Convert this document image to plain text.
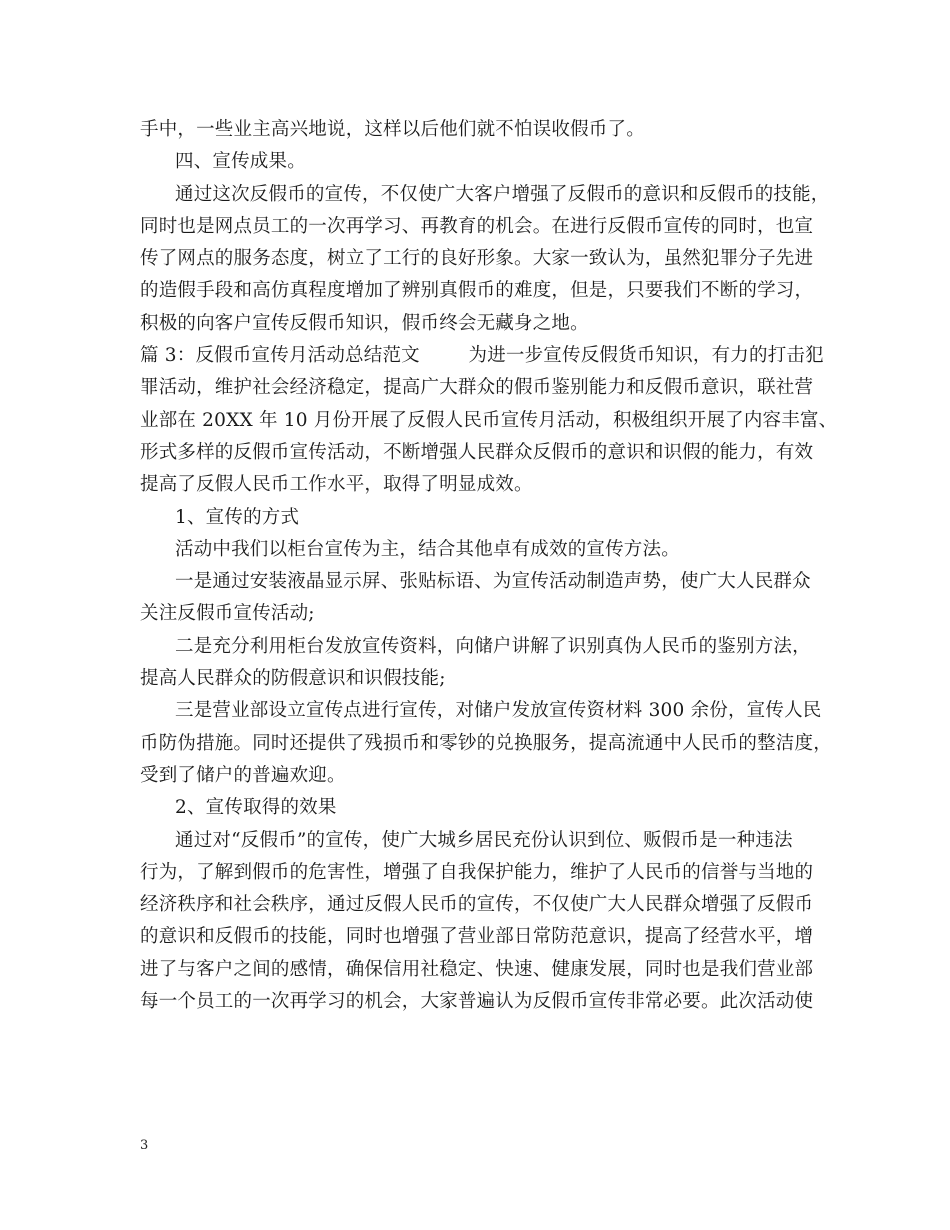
手中，一些业主高兴地说，这样以后他们就不怕误收假币了。
四、宣传成果。
通过这次反假币的宣传，不仅使广大客户增强了反假币的意识和反假币的技能，
同时也是网点员工的一次再学习、再教育的机会。在进行反假币宣传的同时，也宣
传了网点的服务态度，树立了工行的良好形象。大家一致认为，虽然犯罪分子先进
的造假手段和高仿真程度增加了辨别真假币的难度，但是，只要我们不断的学习，
积极的向客户宣传反假币知识，假币终会无藏身之地。
篇 3：反假币宣传月活动总结范文        为进一步宣传反假货币知识，有力的打击犯
罪活动，维护社会经济稳定，提高广大群众的假币鉴别能力和反假币意识，联社营
业部在 20XX 年 10 月份开展了反假人民币宣传月活动，积极组织开展了内容丰富、
形式多样的反假币宣传活动，不断增强人民群众反假币的意识和识假的能力，有效
提高了反假人民币工作水平，取得了明显成效。
1、宣传的方式
活动中我们以柜台宣传为主，结合其他卓有成效的宣传方法。
一是通过安装液晶显示屏、张贴标语、为宣传活动制造声势，使广大人民群众
关注反假币宣传活动;
二是充分利用柜台发放宣传资料，向储户讲解了识别真伪人民币的鉴别方法，
提高人民群众的防假意识和识假技能;
三是营业部设立宣传点进行宣传，对储户发放宣传资材料 300 余份，宣传人民
币防伪措施。同时还提供了残损币和零钞的兑换服务，提高流通中人民币的整洁度，
受到了储户的普遍欢迎。
2、宣传取得的效果
通过对“反假币”的宣传，使广大城乡居民充份认识到位、贩假币是一种违法
行为，了解到假币的危害性，增强了自我保护能力，维护了人民币的信誉与当地的
经济秩序和社会秩序，通过反假人民币的宣传，不仅使广大人民群众增强了反假币
的意识和反假币的技能，同时也增强了营业部日常防范意识，提高了经营水平，增
进了与客户之间的感情，确保信用社稳定、快速、健康发展，同时也是我们营业部
每一个员工的一次再学习的机会，大家普遍认为反假币宣传非常必要。此次活动使
3
